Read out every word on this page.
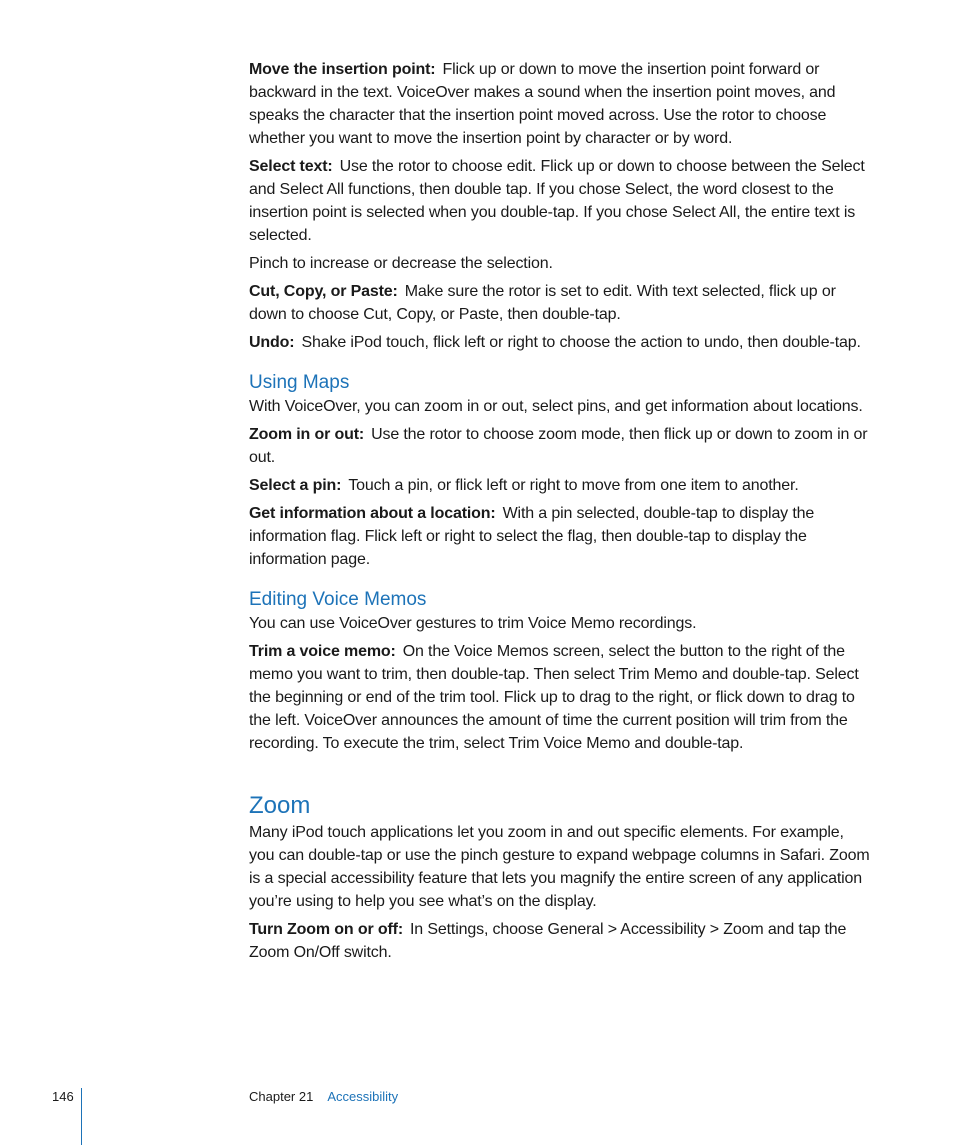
Move the insertion point: Flick up or down to move the insertion point forward or backward in the text. VoiceOver makes a sound when the insertion point moves, and speaks the character that the insertion point moved across. Use the rotor to choose whether you want to move the insertion point by character or by word.

Select text: Use the rotor to choose edit. Flick up or down to choose between the Select and Select All functions, then double tap. If you chose Select, the word closest to the insertion point is selected when you double-tap. If you chose Select All, the entire text is selected.

Pinch to increase or decrease the selection.

Cut, Copy, or Paste: Make sure the rotor is set to edit. With text selected, flick up or down to choose Cut, Copy, or Paste, then double-tap.

Undo: Shake iPod touch, flick left or right to choose the action to undo, then double-tap.

Using Maps

With VoiceOver, you can zoom in or out, select pins, and get information about locations.

Zoom in or out: Use the rotor to choose zoom mode, then flick up or down to zoom in or out.

Select a pin: Touch a pin, or flick left or right to move from one item to another.

Get information about a location: With a pin selected, double-tap to display the information flag. Flick left or right to select the flag, then double-tap to display the information page.

Editing Voice Memos

You can use VoiceOver gestures to trim Voice Memo recordings.

Trim a voice memo: On the Voice Memos screen, select the button to the right of the memo you want to trim, then double-tap. Then select Trim Memo and double-tap. Select the beginning or end of the trim tool. Flick up to drag to the right, or flick down to drag to the left. VoiceOver announces the amount of time the current position will trim from the recording. To execute the trim, select Trim Voice Memo and double-tap.

Zoom

Many iPod touch applications let you zoom in and out specific elements. For example, you can double-tap or use the pinch gesture to expand webpage columns in Safari. Zoom is a special accessibility feature that lets you magnify the entire screen of any application you’re using to help you see what’s on the display.

Turn Zoom on or off: In Settings, choose General > Accessibility > Zoom and tap the Zoom On/Off switch.

146	Chapter 21 Accessibility
